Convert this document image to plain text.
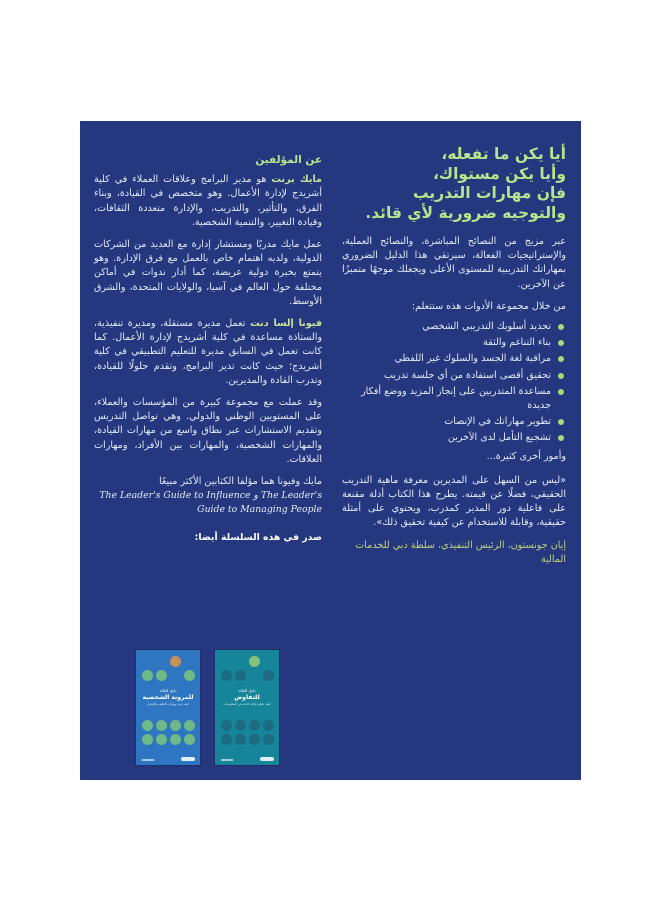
أيا يكن ما تفعله،
وأيا يكن مستواك،
فإن مهارات التدريب
والتوجيه ضرورية لأي قائد.

عبر مزيج من النصائح المباشرة، والنصائح العملية، والإستراتيجيات الفعالة، سيرتقي هذا الدليل الضروري بمهاراتك التدريبية للمستوى الأعلى ويجعلك موجهًا متميزًا عن الآخرين.

من خلال مجموعة الأدوات هذه ستتعلم:

تحديد أسلوبك التدريبي الشخصي
بناء التناغم والثقة
مراقبة لغة الجسد والسلوك غير اللفظي
تحقيق أقصى استفادة من أي جلسة تدريب
مساعدة المتدربين على إنجاز المزيد ووضع أفكار جديدة
تطوير مهاراتك في الإنصات
تشجيع التأمل لدى الآخرين

وأمور أخرى كثيرة...

«ليس من السهل على المديرين معرفة ماهية التدريب الحقيقي، فضلًا عن قيمته. يطرح هذا الكتاب أدلة مقنعة على فاعلية دور المدير كمدرب، ويحتوي على أمثلة حقيقية، وقابلة للاستخدام عن كيفية تحقيق ذلك».

إيان جونستون، الرئيس التنفيذي، سلطة دبي للخدمات المالية

عن المؤلفين

مايك برنت هو مدير البرامج وعلاقات العملاء في كلية أشريدج لإدارة الأعمال. وهو متخصص في القيادة، وبناء الفرق، والتأثير، والتدريب، والإدارة متعددة الثقافات، وقيادة التغيير، والتنمية الشخصية.

عمل مايك مدربًا ومستشار إدارة مع العديد من الشركات الدولية، ولديه اهتمام خاص بالعمل مع فرق الإدارة. وهو يتمتع بخبرة دولية عريضة، كما أدار ندوات في أماكن مختلفة حول العالم في آسيا، والولايات المتحدة، والشرق الأوسط.

فيونا إلسا دنت تعمل مديرة مستقلة، ومديرة تنفيذية، والستاذة مساعدة في كلية أشريدج لإدارة الأعمال. كما كانت تعمل في السابق مديرة للتعليم التطبيقي في كلية أشريدج؛ حيث كانت تدير البرامج، وتقدم حلولًا للقيادة، وتدرب القادة والمديرين.

وقد عملت مع مجموعة كبيرة من المؤسسات والعملاء، على المستويين الوطني والدولي. وهي تواصل التدريس وتقديم الاستشارات عبر نطاق واسع من مهارات القيادة، والمهارات الشخصية، والمهارات بين الأفراد، ومهارات العلاقات.

مايك وفيونا هما مؤلفا الكتابين الأكثر مبيعًا

The Leader's Guide to Influence و The Leader's Guide to Managing People

صدر في هذه السلسلة أيضا:

دليل القائد
للمرونة الشخصية
كيف تبني مهارات التكيف والتحمل
دليل القائد
للتفاوض
كيف تحقق نتائج ناجحة في المفاوضات
